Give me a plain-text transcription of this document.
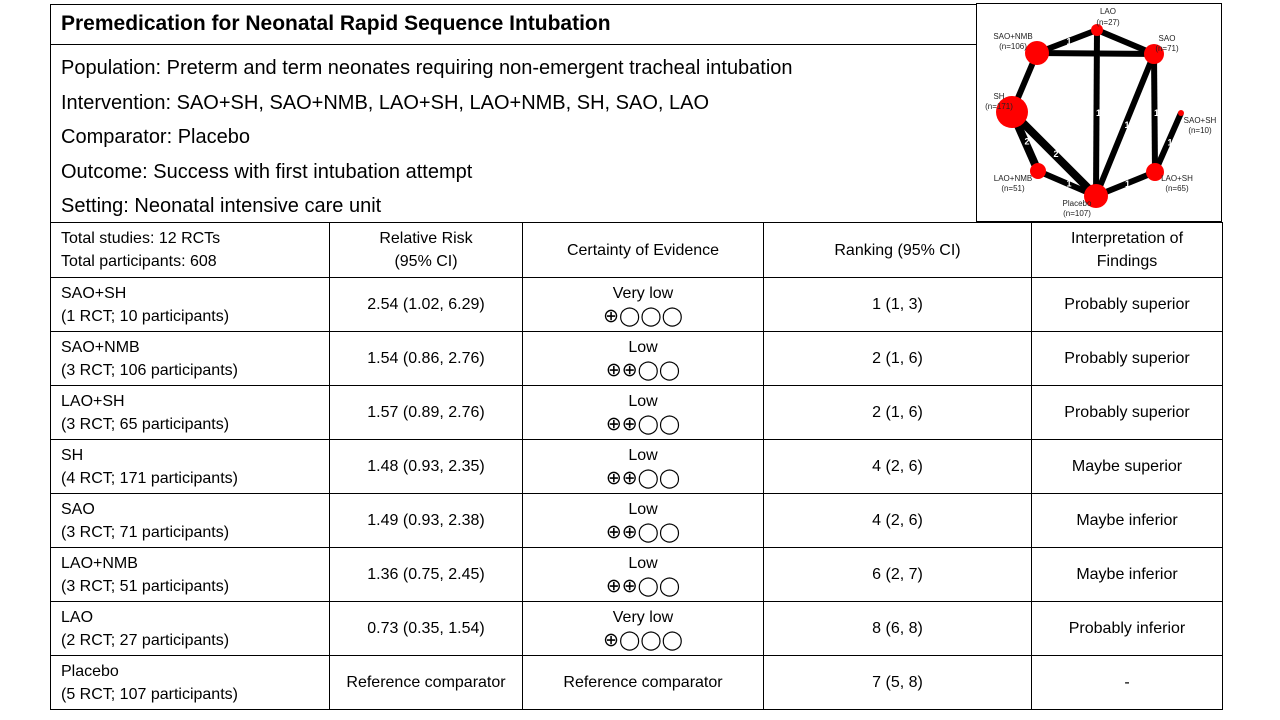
Premedication for Neonatal Rapid Sequence Intubation
Population: Preterm and term neonates requiring non-emergent tracheal intubation
Intervention: SAO+SH, SAO+NMB, LAO+SH, LAO+NMB, SH, SAO, LAO
Comparator: Placebo
Outcome: Success with first intubation attempt
Setting: Neonatal intensive care unit
1
1
1
1
1
2
2
1	1
LAO
(n=27)
SAO
(n=71)
SAO+SH
(n=10)
LAO+SH
(n=65)
Placebo
(n=107)
LAO+NMB
(n=51)
SH
(n=171)
SAO+NMB
(n=106)
Total studies: 12 RCTs
Total participants: 608	Relative Risk
(95% CI)	Certainty of Evidence	Ranking (95% CI)	Interpretation of
Findings

SAO+SH
(1 RCT; 10 participants)	2.54 (1.02, 6.29)	Very low
⊕◯◯◯	1 (1, 3)	Probably superior

SAO+NMB
(3 RCT; 106 participants)	1.54 (0.86, 2.76)	Low
⊕⊕◯◯	2 (1, 6)	Probably superior

LAO+SH
(3 RCT; 65 participants)	1.57 (0.89, 2.76)	Low
⊕⊕◯◯	2 (1, 6)	Probably superior

SH
(4 RCT; 171 participants)	1.48 (0.93, 2.35)	Low
⊕⊕◯◯	4 (2, 6)	Maybe superior

SAO
(3 RCT; 71 participants)	1.49 (0.93, 2.38)	Low
⊕⊕◯◯	4 (2, 6)	Maybe inferior

LAO+NMB
(3 RCT; 51 participants)	1.36 (0.75, 2.45)	Low
⊕⊕◯◯	6 (2, 7)	Maybe inferior

LAO
(2 RCT; 27 participants)	0.73 (0.35, 1.54)	Very low
⊕◯◯◯	8 (6, 8)	Probably inferior

Placebo
(5 RCT; 107 participants)	Reference comparator	Reference comparator	7 (5, 8)	-
